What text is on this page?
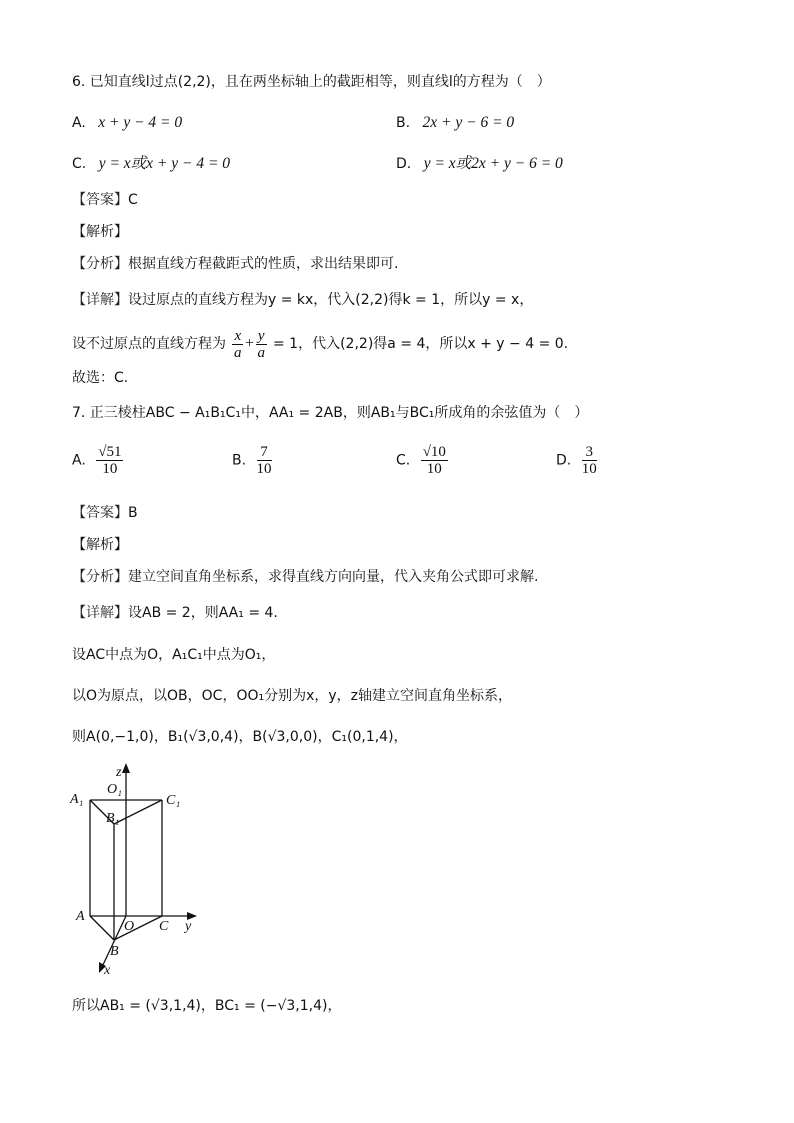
6. 已知直线l过点(2,2)，且在两坐标轴上的截距相等，则直线l的方程为（　）
A. x + y − 4 = 0	B. 2x + y − 6 = 0
C. y = x或x + y − 4 = 0	D. y = x或2x + y − 6 = 0
【答案】C
【解析】
【分析】根据直线方程截距式的性质，求出结果即可.
【详解】设过原点的直线方程为y = kx，代入(2,2)得k = 1，所以y = x，
设不过原点的直线方程为 $\frac{x}{a} + \frac{y}{a} = 1$，代入(2,2)得a = 4，所以x + y − 4 = 0.
故选：C.
7. 正三棱柱ABC − A₁B₁C₁中，AA₁ = 2AB，则AB₁与BC₁所成角的余弦值为（　）
A. $\frac{√51}{10}$	B. $\frac{7}{10}$	C. $\frac{√10}{10}$	D. $\frac{3}{10}$
【答案】B
【解析】
【分析】建立空间直角坐标系，求得直线方向向量，代入夹角公式即可求解.
【详解】设AB = 2，则AA₁ = 4.
设AC中点为O，A₁C₁中点为O₁，
以O为原点，以OB，OC，OO₁分别为x，y，z轴建立空间直角坐标系，
则A(0,−1,0)，B₁(√3,0,4)，B(√3,0,0)，C₁(0,1,4)，
z
A₁
O₁
C₁
B₁
A
O C y
B
x
所以AB₁ = (√3,1,4)，BC₁ = (−√3,1,4)，
